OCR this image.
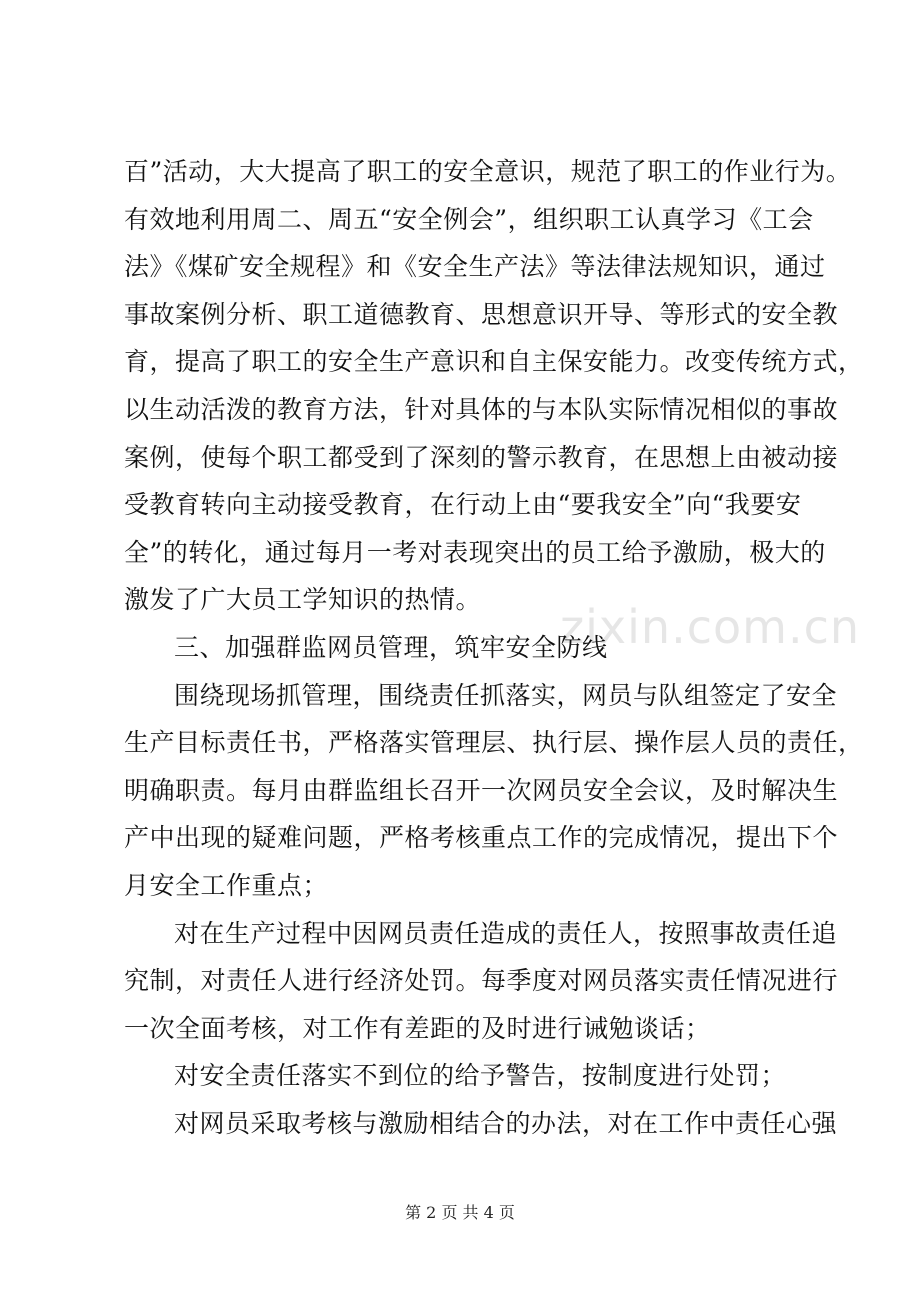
zixin.com.cn
百”活动，大大提高了职工的安全意识，规范了职工的作业行为。
有效地利用周二、周五“安全例会”，组织职工认真学习《工会
法》《煤矿安全规程》和《安全生产法》等法律法规知识，通过
事故案例分析、职工道德教育、思想意识开导、等形式的安全教
育，提高了职工的安全生产意识和自主保安能力。改变传统方式，
以生动活泼的教育方法，针对具体的与本队实际情况相似的事故
案例，使每个职工都受到了深刻的警示教育，在思想上由被动接
受教育转向主动接受教育，在行动上由“要我安全”向“我要安
全”的转化，通过每月一考对表现突出的员工给予激励，极大的
激发了广大员工学知识的热情。
三、加强群监网员管理，筑牢安全防线
围绕现场抓管理，围绕责任抓落实，网员与队组签定了安全
生产目标责任书，严格落实管理层、执行层、操作层人员的责任，
明确职责。每月由群监组长召开一次网员安全会议，及时解决生
产中出现的疑难问题，严格考核重点工作的完成情况，提出下个
月安全工作重点；
对在生产过程中因网员责任造成的责任人，按照事故责任追
究制，对责任人进行经济处罚。每季度对网员落实责任情况进行
一次全面考核，对工作有差距的及时进行诫勉谈话；
对安全责任落实不到位的给予警告，按制度进行处罚；
对网员采取考核与激励相结合的办法，对在工作中责任心强
第 2 页 共 4 页
